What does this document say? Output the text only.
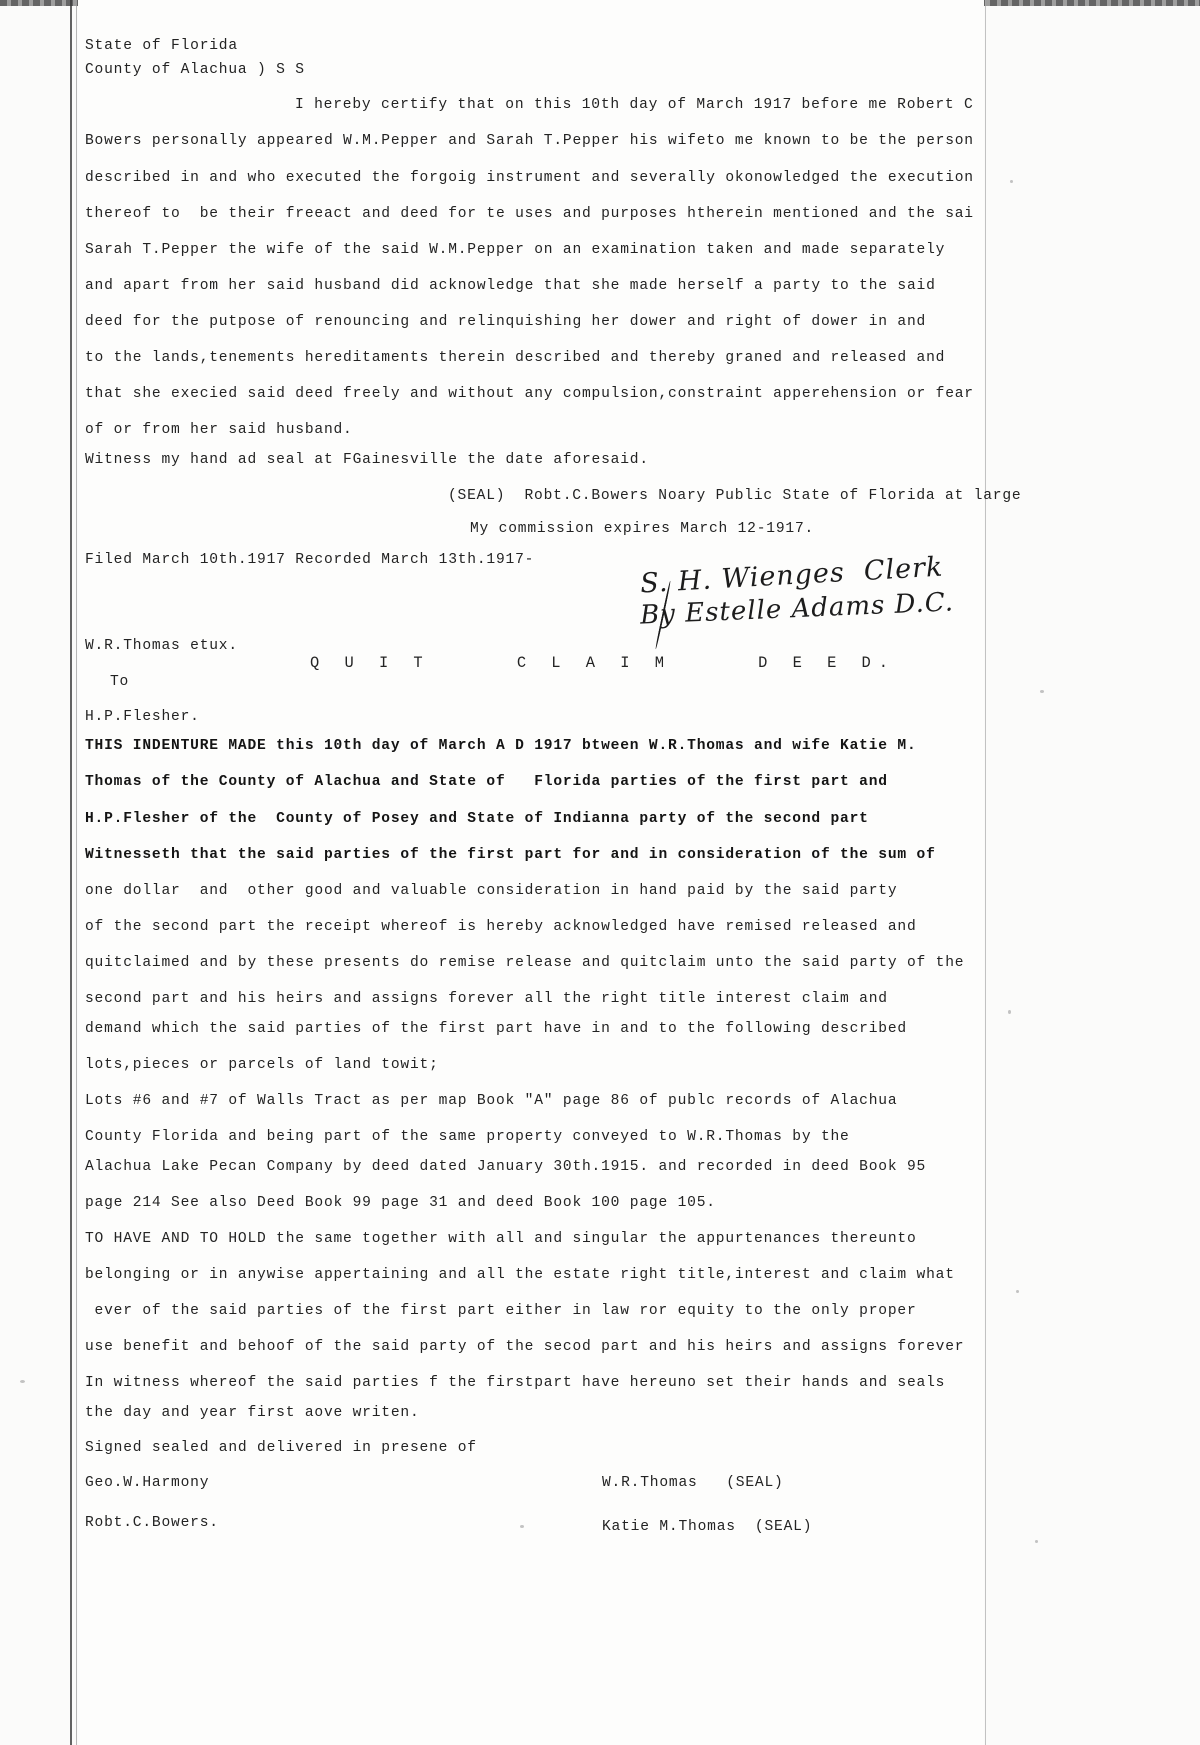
State of Florida
County of Alachua ) S S
I hereby certify that on this 10th day of March 1917 before me Robert C
Bowers personally appeared W.M.Pepper and Sarah T.Pepper his wifeto me known to be the person
described in and who executed the forgoig instrument and severally okonowledged the execution
thereof to  be their freeact and deed for te uses and purposes htherein mentioned and the sai
Sarah T.Pepper the wife of the said W.M.Pepper on an examination taken and made separately
and apart from her said husband did acknowledge that she made herself a party to the said
deed for the putpose of renouncing and relinquishing her dower and right of dower in and
to the lands,tenements hereditaments therein described and thereby graned and released and
that she execied said deed freely and without any compulsion,constraint apperehension or fear
of or from her said husband.
Witness my hand ad seal at FGainesville the date aforesaid.
(SEAL)  Robt.C.Bowers Noary Public State of Florida at large
My commission expires March 12-1917.
Filed March 10th.1917 Recorded March 13th.1917-	S. H. Wienges  Clerk
By Estelle Adams D.C.
W.R.Thomas etux.
Q U I T     C L A I M     D E E D.
To
H.P.Flesher.
THIS INDENTURE MADE this 10th day of March A D 1917 btween W.R.Thomas and wife Katie M.
Thomas of the County of Alachua and State of   Florida parties of the first part and
H.P.Flesher of the  County of Posey and State of Indianna party of the second part
Witnesseth that the said parties of the first part for and in consideration of the sum of
one dollar  and  other good and valuable consideration in hand paid by the said party
of the second part the receipt whereof is hereby acknowledged have remised released and
quitclaimed and by these presents do remise release and quitclaim unto the said party of the
second part and his heirs and assigns forever all the right title interest claim and
demand which the said parties of the first part have in and to the following described
lots,pieces or parcels of land towit;
Lots #6 and #7 of Walls Tract as per map Book "A" page 86 of publc records of Alachua
County Florida and being part of the same property conveyed to W.R.Thomas by the
Alachua Lake Pecan Company by deed dated January 30th.1915. and recorded in deed Book 95
page 214 See also Deed Book 99 page 31 and deed Book 100 page 105.
TO HAVE AND TO HOLD the same together with all and singular the appurtenances thereunto
belonging or in anywise appertaining and all the estate right title,interest and claim what
ever of the said parties of the first part either in law ror equity to the only proper
use benefit and behoof of the said party of the secod part and his heirs and assigns forever
In witness whereof the said parties f the firstpart have hereuno set their hands and seals
the day and year first aove writen.
Signed sealed and delivered in presene of
Geo.W.Harmony	W.R.Thomas   (SEAL)
Robt.C.Bowers.	Katie M.Thomas  (SEAL)
